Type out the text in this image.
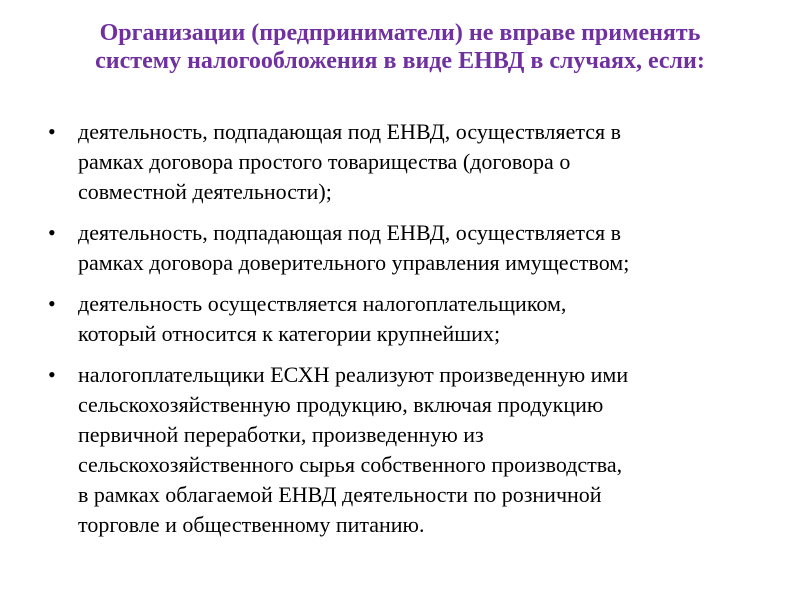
Организации (предприниматели) не вправе применять
систему налогообложения в виде ЕНВД в случаях, если:
•	деятельность, подпадающая под ЕНВД, осуществляется в
рамках договора простого товарищества (договора о
совместной деятельности);
•	деятельность, подпадающая под ЕНВД, осуществляется в
рамках договора доверительного управления имуществом;
•	деятельность осуществляется налогоплательщиком,
который относится к категории крупнейших;
•	налогоплательщики ЕСХН реализуют произведенную ими
сельскохозяйственную продукцию, включая продукцию
первичной переработки, произведенную из
сельскохозяйственного сырья собственного производства,
в рамках облагаемой ЕНВД деятельности по розничной
торговле и общественному питанию.
